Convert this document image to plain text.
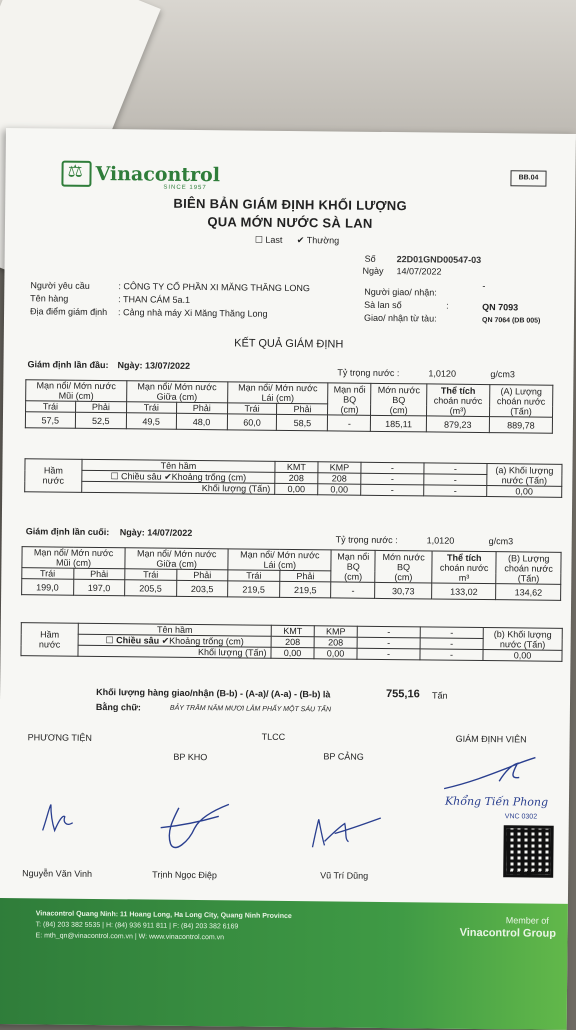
⚖Vinacontrol
SINCE 1957
BB.04
BIÊN BẢN GIÁM ĐỊNH KHỐI LƯỢNG
QUA MỚN NƯỚC SÀ LAN
☐ Last ✔ Thường
Số 22D01GND00547-03
Ngày 14/07/2022
Người yêu cầu	: CÔNG TY CỔ PHẦN XI MĂNG THĂNG LONG
Tên hàng	: THAN CÁM 5a.1
Địa điểm giám định : Cảng nhà máy Xi Măng Thăng Long
Người giao/ nhận:
-
Sà lan số	:	QN 7093
Giao/ nhận từ tàu:	QN 7064 (DB 005)
KẾT QUẢ GIÁM ĐỊNH
Giám định lần đầu: Ngày: 13/07/2022
Tỷ trọng nước :	1,0120	g/cm3
Mạn nổi/ Mớn nước
Mũi (cm)		Mạn nổi/ Mớn nước
Giữa (cm)		Mạn nổi/ Mớn nước
Lái (cm)		Mạn nổi
BQ
(cm)	Mớn nước
BQ
(cm)	Thể tích
choán nước
(m³)	(A) Lượng
choán nước
(Tấn)
Trái	Phải	Trái	Phải	Trái	Phải				
57,5	52,5	49,5	48,0	60,0	58,5	-	185,11	879,23	889,78
Hầm
nước	Tên hầm	KMT	KMP	-	-	(a) Khối lượng
nước (Tấn)
	☐ Chiều sâu ✔Khoảng trống (cm)	208	208	-	-	
	Khối lượng (Tấn)	0,00	0,00	-	-	0,00
Giám định lần cuối: Ngày: 14/07/2022
Tỷ trọng nước :	1,0120	g/cm3
Mạn nổi/ Mớn nước
Mũi (cm)		Mạn nổi/ Mớn nước
Giữa (cm)		Mạn nổi/ Mớn nước
Lái (cm)		Mạn nổi
BQ
(cm)	Mớn nước
BQ
(cm)	Thể tích
choán nước
m³	(B) Lượng
choán nước
(Tấn)
Trái	Phải	Trái	Phải	Trái	Phải				
199,0	197,0	205,5	203,5	219,5	219,5	-	30,73	133,02	134,62
Hầm
nước	Tên hầm	KMT	KMP	-	-	(b) Khối lượng
nước (Tấn)
	☐ Chiều sâu ✔Khoảng trống (cm)	208	208	-	-	
	Khối lượng (Tấn)	0,00	0,00	-	-	0,00
Khối lượng hàng giao/nhận (B-b) - (A-a)/ (A-a) - (B-b) là	755,16 Tấn
Bằng chữ:	BẢY TRĂM NĂM MƯƠI LĂM PHẨY MỘT SÁU TẤN
PHƯƠNG TIỆN	TLCC	GIÁM ĐỊNH VIÊN
BP KHO	BP CẢNG
Khổng Tiến Phong
VNC 0302
Nguyễn Văn Vinh	Trịnh Ngọc Điệp	Vũ Trí Dũng
Vinacontrol Quang Ninh: 11 Hoang Long, Ha Long City, Quang Ninh Province
T: (84) 203 382 5535 | H: (84) 936 911 811 | F: (84) 203 382 6169
E: mth_qn@vinacontrol.com.vn | W: www.vinacontrol.com.vn
Member of
Vinacontrol Group
